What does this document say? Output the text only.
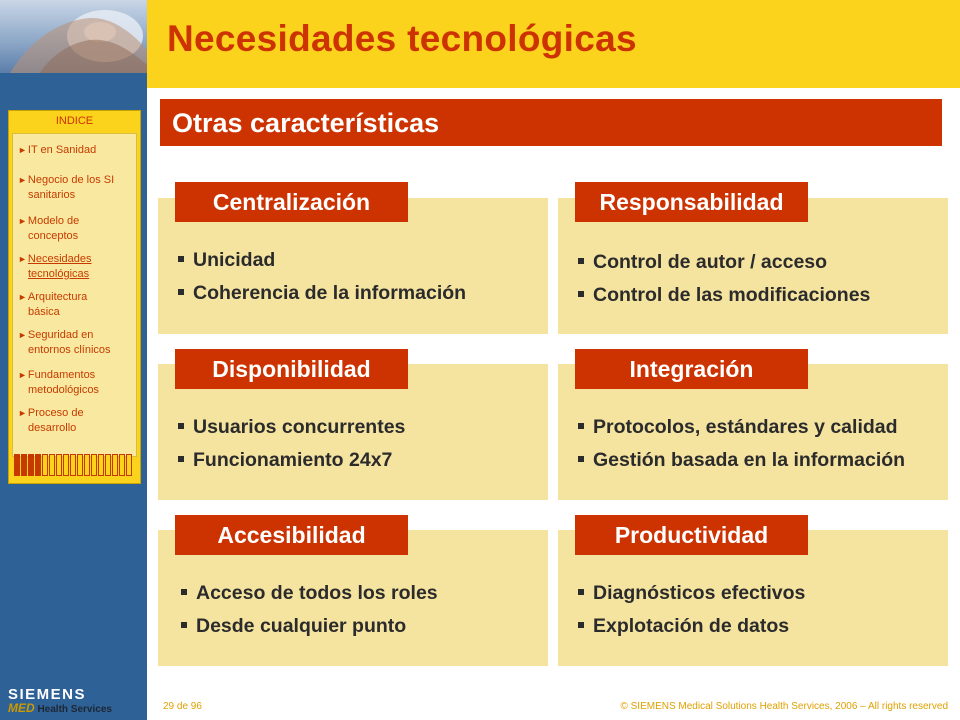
Necesidades tecnológicas
Otras características
INDICE
►IT en Sanidad
►Negocio de los SI
sanitarios
►Modelo de
conceptos
►Necesidades
tecnológicas
►Arquitectura
básica
►Seguridad en
entornos clínicos
►Fundamentos
metodológicos
►Proceso de
desarrollo
Centralización
Unicidad
Coherencia de la información
Responsabilidad
Control de autor / acceso
Control de las modificaciones
Disponibilidad
Usuarios concurrentes
Funcionamiento 24x7
Integración
Protocolos, estándares y calidad
Gestión basada en la información
Accesibilidad
Acceso de todos los roles
Desde cualquier punto
Productividad
Diagnósticos efectivos
Explotación de datos
SIEMENS
MED Health Services	29 de 96	© SIEMENS Medical Solutions Health Services, 2006 – All rights reserved
